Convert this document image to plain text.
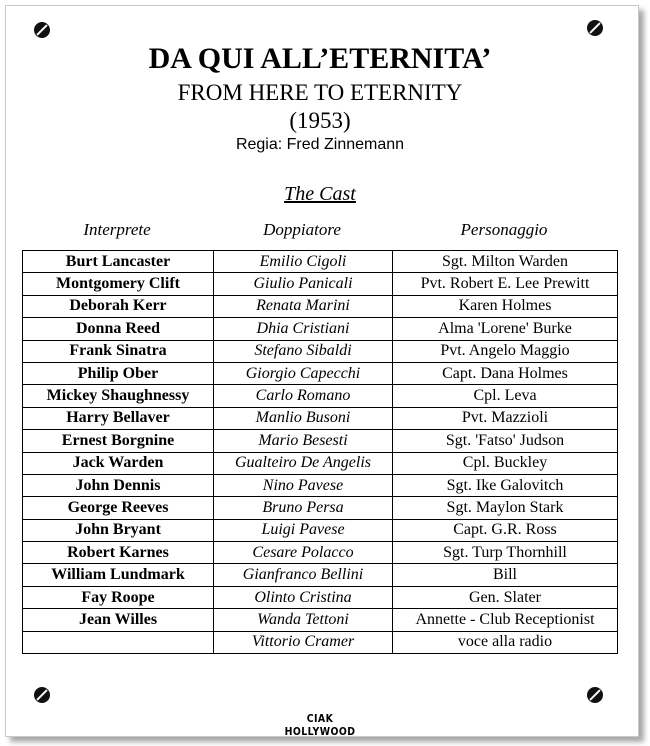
DA QUI ALL’ETERNITA’
FROM HERE TO ETERNITY
(1953)
Regia: Fred Zinnemann
The Cast
Interprete	Doppiatore	Personaggio
Burt Lancaster	Emilio Cigoli	Sgt. Milton Warden
Montgomery Clift	Giulio Panicali	Pvt. Robert E. Lee Prewitt
Deborah Kerr	Renata Marini	Karen Holmes
Donna Reed	Dhia Cristiani	Alma 'Lorene' Burke
Frank Sinatra	Stefano Sibaldi	Pvt. Angelo Maggio
Philip Ober	Giorgio Capecchi	Capt. Dana Holmes
Mickey Shaughnessy	Carlo Romano	Cpl. Leva
Harry Bellaver	Manlio Busoni	Pvt. Mazzioli
Ernest Borgnine	Mario Besesti	Sgt. 'Fatso' Judson
Jack Warden	Gualteiro De Angelis	Cpl. Buckley
John Dennis	Nino Pavese	Sgt. Ike Galovitch
George Reeves	Bruno Persa	Sgt. Maylon Stark
John Bryant	Luigi Pavese	Capt. G.R. Ross
Robert Karnes	Cesare Polacco	Sgt. Turp Thornhill
William Lundmark	Gianfranco Bellini	Bill
Fay Roope	Olinto Cristina	Gen. Slater
Jean Willes	Wanda Tettoni	Annette - Club Receptionist
	Vittorio Cramer	voce alla radio
CIAK HOLLYWOOD
